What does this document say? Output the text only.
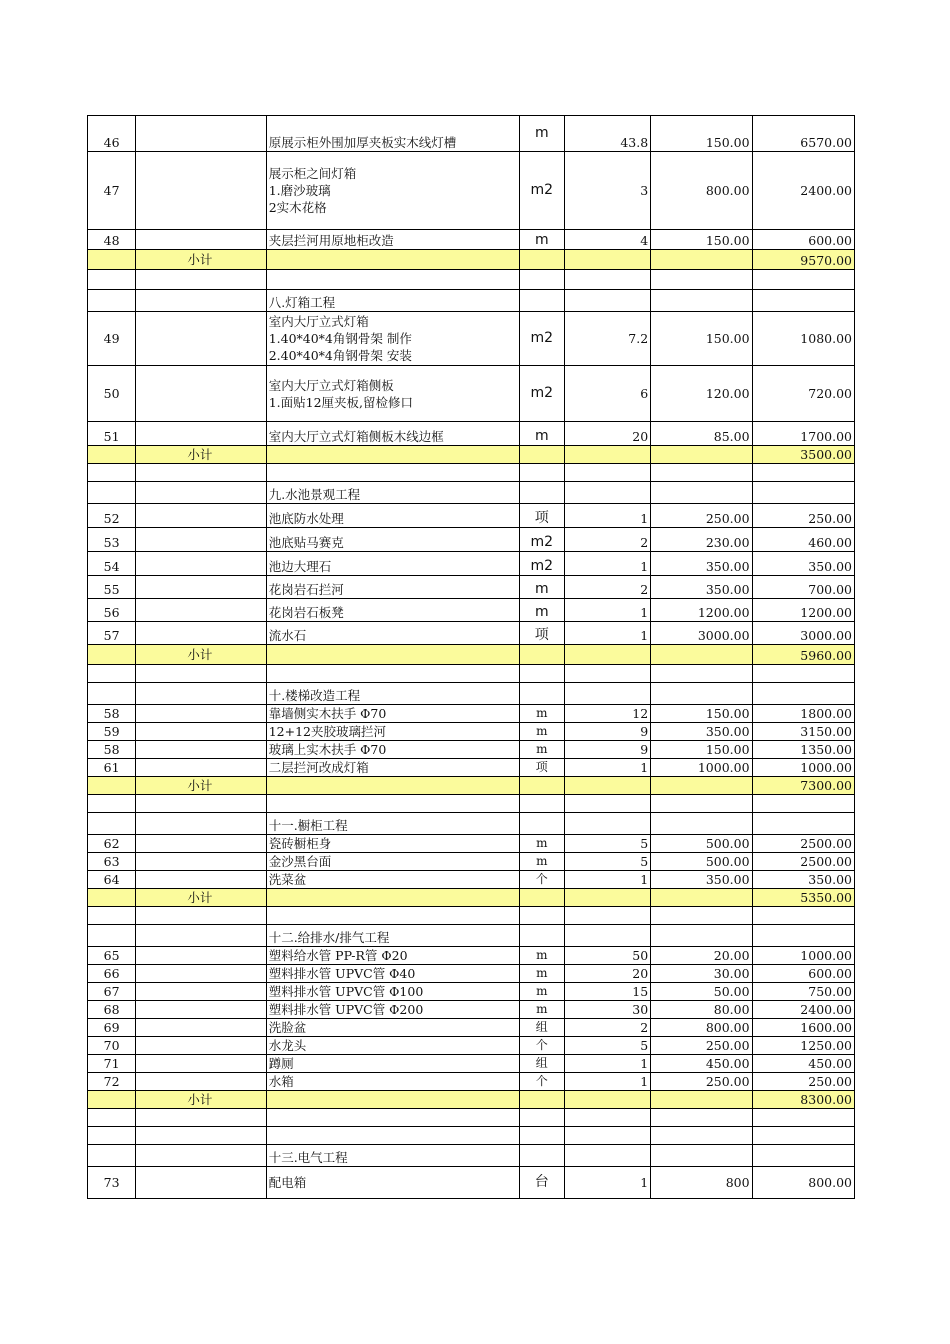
46		原展示柜外围加厚夹板实木线灯槽	m	43.8	150.00	6570.00
47		展示柜之间灯箱
1.磨沙玻璃
2实木花格	m2	3	800.00	2400.00
48		夹层拦河用原地柜改造	m	4	150.00	600.00
	小计					9570.00

		八.灯箱工程				

49		室内大厅立式灯箱
1.40*40*4角钢骨架 制作
2.40*40*4角钢骨架 安装	m2	7.2	150.00	1080.00
50		室内大厅立式灯箱侧板
1.面贴12厘夹板,留检修口	m2	6	120.00	720.00
51		室内大厅立式灯箱侧板木线边框	m	20	85.00	1700.00
	小计					3500.00

		九.水池景观工程				

52		池底防水处理	项	1	250.00	250.00
53		池底贴马赛克	m2	2	230.00	460.00
54		池边大理石	m2	1	350.00	350.00
55		花岗岩石拦河	m	2	350.00	700.00
56		花岗岩石板凳	m	1	1200.00	1200.00
57		流水石	项	1	3000.00	3000.00
	小计					5960.00

		十.楼梯改造工程				

58		靠墙侧实木扶手 Φ70	m	12	150.00	1800.00
59		12+12夹胶玻璃拦河	m	9	350.00	3150.00
58		玻璃上实木扶手 Φ70	m	9	150.00	1350.00
61		二层拦河改成灯箱	项	1	1000.00	1000.00
	小计					7300.00

		十一.橱柜工程				

62		瓷砖橱柜身	m	5	500.00	2500.00
63		金沙黑台面	m	5	500.00	2500.00
64		洗菜盆	个	1	350.00	350.00
	小计					5350.00

		十二.给排水/排气工程				

65		塑料给水管 PP-R管 Φ20	m	50	20.00	1000.00
66		塑料排水管 UPVC管 Φ40	m	20	30.00	600.00
67		塑料排水管 UPVC管 Φ100	m	15	50.00	750.00
68		塑料排水管 UPVC管 Φ200	m	30	80.00	2400.00
69		洗脸盆	组	2	800.00	1600.00
70		水龙头	个	5	250.00	1250.00
71		蹲厕	组	1	450.00	450.00
72		水箱	个	1	250.00	250.00
	小计					8300.00

		十三.电气工程				

73		配电箱	台	1	800	800.00
